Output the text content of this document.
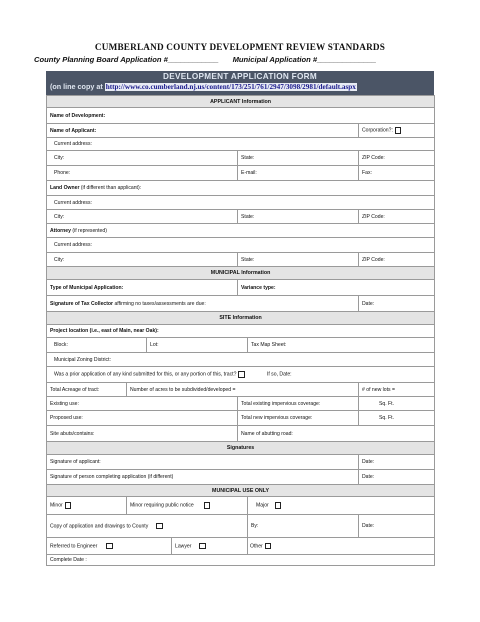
CUMBERLAND COUNTY DEVELOPMENT REVIEW STANDARDS
County Planning Board Application #____________ Municipal Application #______________
DEVELOPMENT APPLICATION FORM
(on line copy at http://www.co.cumberland.nj.us/content/173/251/761/2947/3098/2981/default.aspx
APPLICANT Information						
Name of Development:						
Name of Applicant:						Corporation?:
Current address:						
City:				State:		ZIP Code:
Phone:				E-mail:		Fax:
Land Owner (if different than applicant):						
Current address:						
City:				State:		ZIP Code:
Attorney (if represented)						
Current address:						
City:				State:		ZIP Code:
MUNICIPAL Information						
Type of Municipal Application:				Variance type:		
Signature of Tax Collector affirming no taxes/assessments are due:						Date:
SITE Information						
Project location (i.e., east of Main, near Oak):						
Block:		Lot:			Tax Map Sheet:	
Municipal Zoning District:						
Was a prior application of any kind submitted for this, or any portion of this, tract? If so, Date:						
Total Acreage of tract:	Number of acres to be subdivided/developed =					# of new lots =
Existing use:				Total existing impervious coverage:		Sq. Ft.
Proposed use:				Total new impervious coverage:		Sq. Ft.
Site abuts/contains:				Name of abutting road:		
Signatures						
Signature of applicant:						Date:
Signature of person completing application (if different)						Date:
MUNICIPAL USE ONLY						
Minor	Minor requiring public notice				Major	
Copy of application and drawings to County					By:	Date:
Referred to Engineer			Lawyer		Other	
Complete Date :						
